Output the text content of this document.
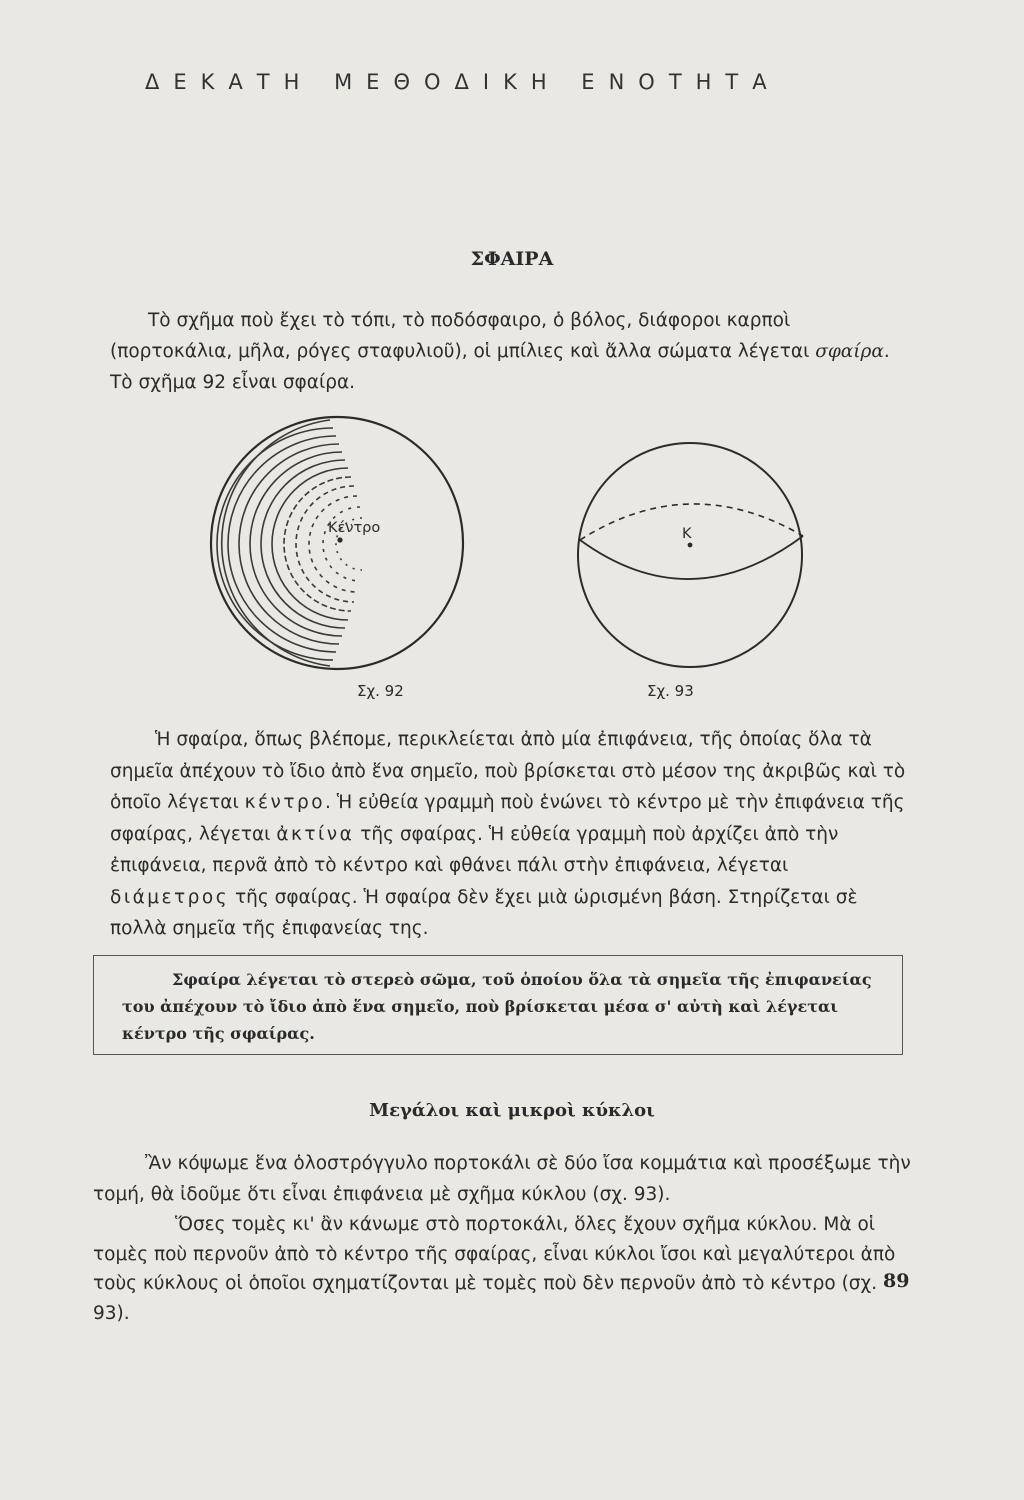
ΔΕΚΑΤΗ ΜΕΘΟΔΙΚΗ ΕΝΟΤΗΤΑ
ΣΦΑΙΡΑ
Τὸ σχῆμα ποὺ ἔχει τὸ τόπι, τὸ ποδόσφαιρο, ὁ βόλος, διάφοροι καρποὶ (πορτοκάλια, μῆλα, ρόγες σταφυλιοῦ), οἱ μπίλιες καὶ ἄλλα σώματα λέγεται σφαίρα. Τὸ σχῆμα 92 εἶναι σφαίρα.
Κέντρο
Σχ. 92
Κ
Σχ. 93
Ἡ σφαίρα, ὅπως βλέπομε, περικλείεται ἀπὸ μία ἐπιφάνεια, τῆς ὁποίας ὅλα τὰ σημεῖα ἀπέχουν τὸ ἴδιο ἀπὸ ἕνα σημεῖο, ποὺ βρίσκεται στὸ μέσον της ἀκριβῶς καὶ τὸ ὁποῖο λέγεται κέντρο. Ἡ εὐθεία γραμμὴ ποὺ ἑνώνει τὸ κέντρο μὲ τὴν ἐπιφάνεια τῆς σφαίρας, λέγεται ἀκτίνα τῆς σφαίρας. Ἡ εὐθεία γραμμὴ ποὺ ἀρχίζει ἀπὸ τὴν ἐπιφάνεια, περνᾶ ἀπὸ τὸ κέντρο καὶ φθάνει πάλι στὴν ἐπιφάνεια, λέγεται διάμετρος τῆς σφαίρας. Ἡ σφαίρα δὲν ἔχει μιὰ ὡρισμένη βάση. Στηρίζεται σὲ πολλὰ σημεῖα τῆς ἐπιφανείας της.
Σφαίρα λέγεται τὸ στερεὸ σῶμα, τοῦ ὁποίου ὅλα τὰ σημεῖα τῆς ἐπιφανείας του ἀπέχουν τὸ ἴδιο ἀπὸ ἕνα σημεῖο, ποὺ βρίσκεται μέσα σ' αὐτὴ καὶ λέγεται κέντρο τῆς σφαίρας.
Μεγάλοι καὶ μικροὶ κύκλοι
Ἂν κόψωμε ἕνα ὁλοστρόγγυλο πορτοκάλι σὲ δύο ἴσα κομμάτια καὶ προσέξωμε τὴν τομή, θὰ ἰδοῦμε ὅτι εἶναι ἐπιφάνεια μὲ σχῆμα κύκλου (σχ. 93).
Ὅσες τομὲς κι' ἂν κάνωμε στὸ πορτοκάλι, ὅλες ἔχουν σχῆμα κύκλου. Μὰ οἱ τομὲς ποὺ περνοῦν ἀπὸ τὸ κέντρο τῆς σφαίρας, εἶναι κύκλοι ἴσοι καὶ μεγαλύτεροι ἀπὸ τοὺς κύκλους οἱ ὁποῖοι σχηματίζονται μὲ τομὲς ποὺ δὲν περνοῦν ἀπὸ τὸ κέντρο (σχ. 93).
89
